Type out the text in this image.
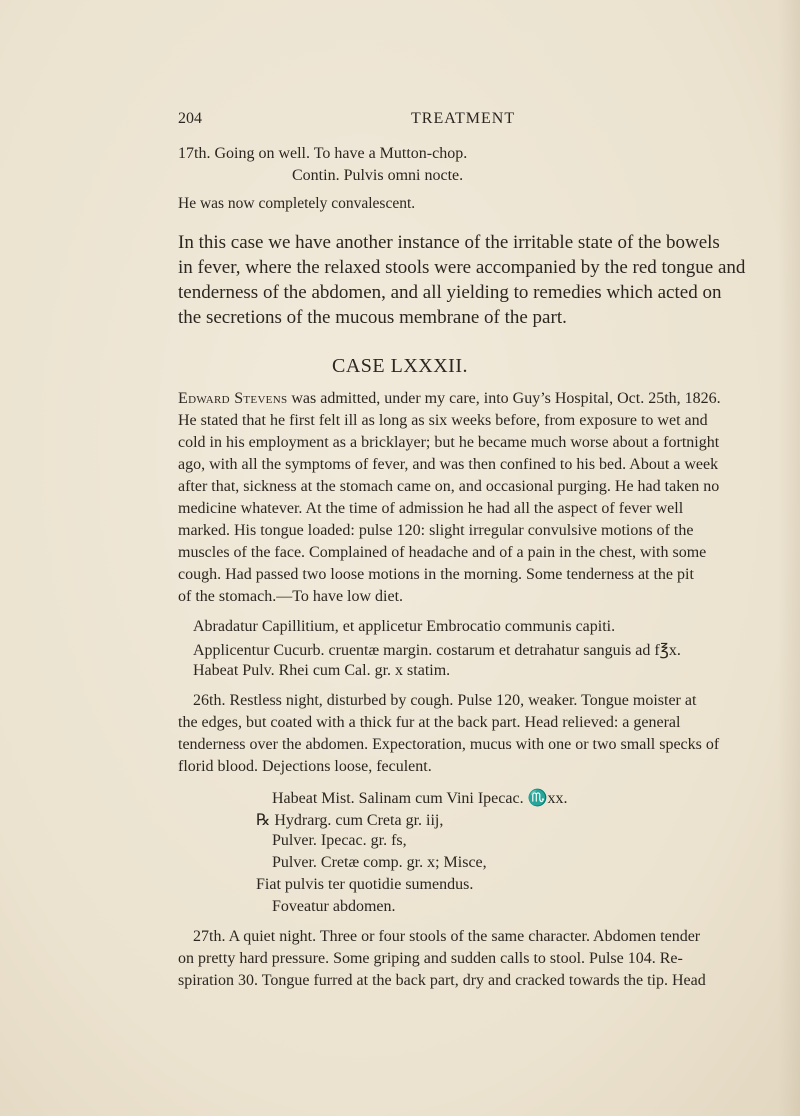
204	TREATMENT

17th. Going on well. To have a Mutton-chop.

Contin. Pulvis omni nocte.

He was now completely convalescent.

In this case we have another instance of the irritable state of the bowels

in fever, where the relaxed stools were accompanied by the red tongue and

tenderness of the abdomen, and all yielding to remedies which acted on

the secretions of the mucous membrane of the part.

CASE LXXXII.

Edward Stevens was admitted, under my care, into Guy’s Hospital, Oct. 25th, 1826.

He stated that he first felt ill as long as six weeks before, from exposure to wet and

cold in his employment as a bricklayer; but he became much worse about a fortnight

ago, with all the symptoms of fever, and was then confined to his bed. About a week

after that, sickness at the stomach came on, and occasional purging. He had taken no

medicine whatever. At the time of admission he had all the aspect of fever well

marked. His tongue loaded: pulse 120: slight irregular convulsive motions of the

muscles of the face. Complained of headache and of a pain in the chest, with some

cough. Had passed two loose motions in the morning. Some tenderness at the pit

of the stomach.—To have low diet.

Abradatur Capillitium, et applicetur Embrocatio communis capiti.

Applicentur Cucurb. cruentæ margin. costarum et detrahatur sanguis ad f℥x.

Habeat Pulv. Rhei cum Cal. gr. x statim.

26th. Restless night, disturbed by cough. Pulse 120, weaker. Tongue moister at

the edges, but coated with a thick fur at the back part. Head relieved: a general

tenderness over the abdomen. Expectoration, mucus with one or two small specks of

florid blood. Dejections loose, feculent.

Habeat Mist. Salinam cum Vini Ipecac. ♏xx.

℞ Hydrarg. cum Creta gr. iij,

Pulver. Ipecac. gr. fs,

Pulver. Cretæ comp. gr. x; Misce,

Fiat pulvis ter quotidie sumendus.

Foveatur abdomen.

27th. A quiet night. Three or four stools of the same character. Abdomen tender

on pretty hard pressure. Some griping and sudden calls to stool. Pulse 104. Re-

spiration 30. Tongue furred at the back part, dry and cracked towards the tip. Head
